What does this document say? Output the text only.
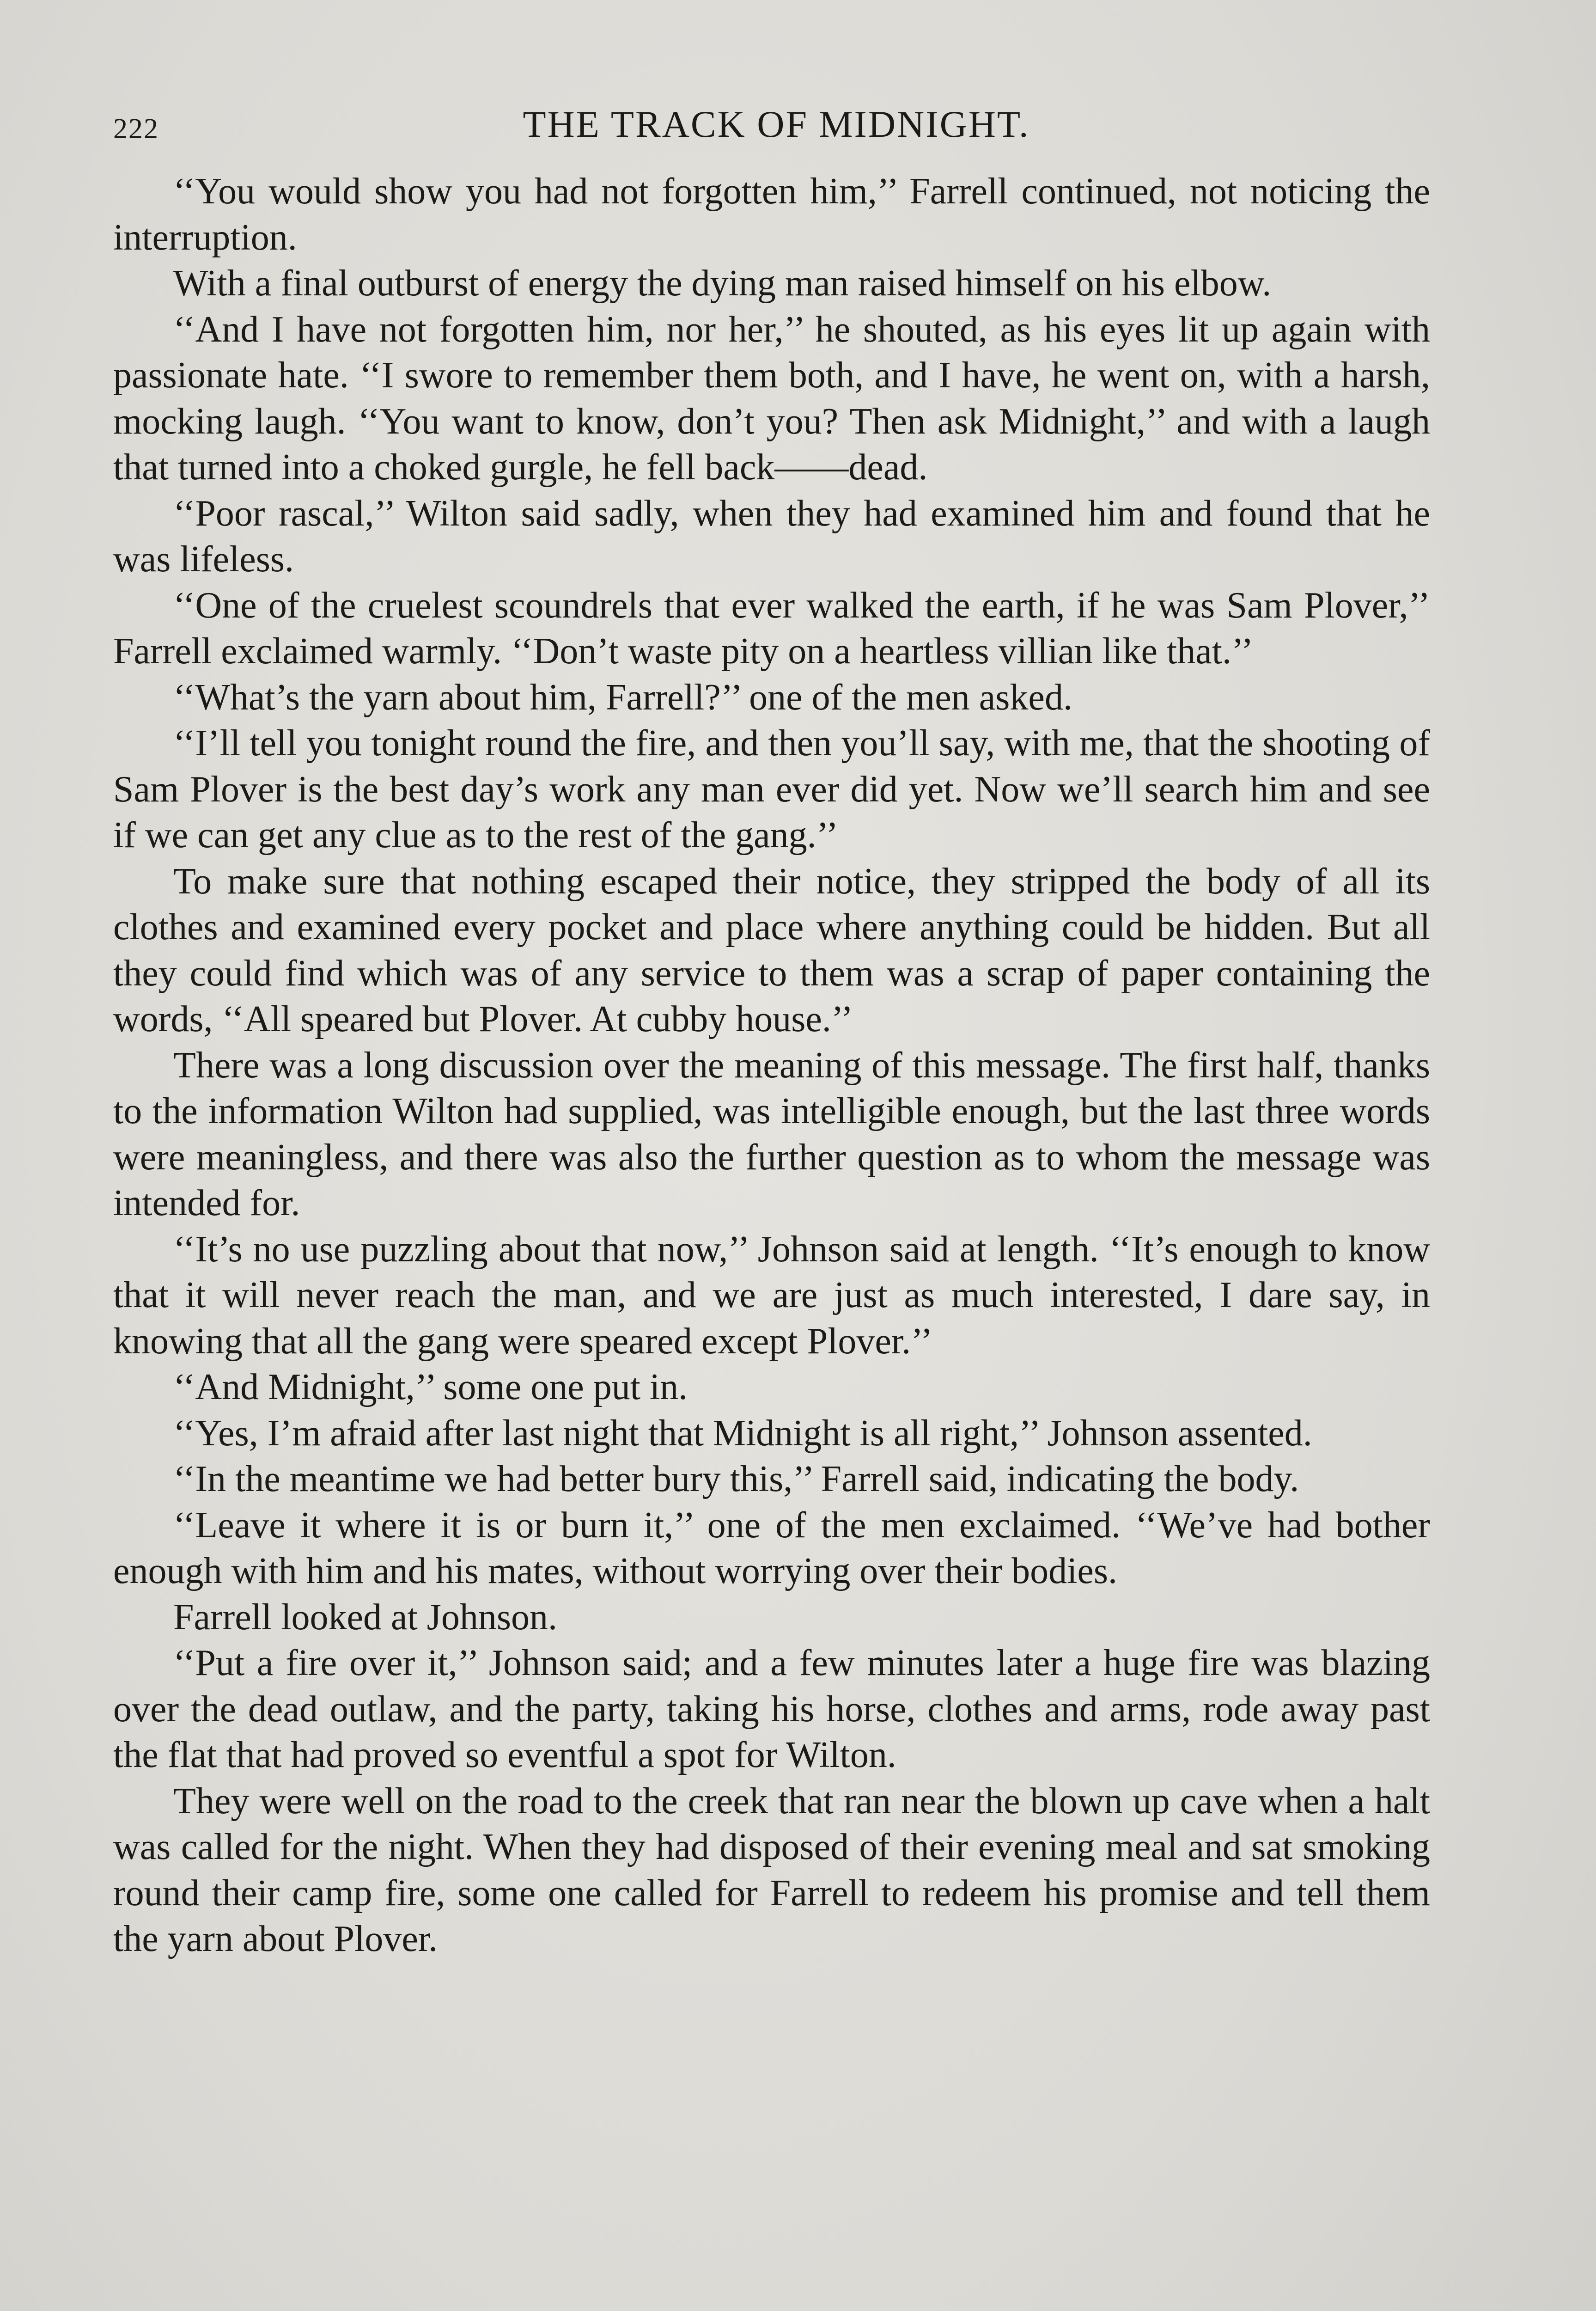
222	THE TRACK OF MIDNIGHT.

‘‘You would show you had not forgotten him,’’ Farrell continued, not noticing the interruption.

With a final outburst of energy the dying man raised himself on his elbow.

‘‘And I have not forgotten him, nor her,’’ he shouted, as his eyes lit up again with passionate hate. ‘‘I swore to remember them both, and I have, he went on, with a harsh, mocking laugh. ‘‘You want to know, don’t you? Then ask Midnight,’’ and with a laugh that turned into a choked gurgle, he fell back——dead.

‘‘Poor rascal,’’ Wilton said sadly, when they had examined him and found that he was lifeless.

‘‘One of the cruelest scoundrels that ever walked the earth, if he was Sam Plover,’’ Farrell exclaimed warmly. ‘‘Don’t waste pity on a heartless villian like that.’’

‘‘What’s the yarn about him, Farrell?’’ one of the men asked.

‘‘I’ll tell you tonight round the fire, and then you’ll say, with me, that the shooting of Sam Plover is the best day’s work any man ever did yet. Now we’ll search him and see if we can get any clue as to the rest of the gang.’’

To make sure that nothing escaped their notice, they stripped the body of all its clothes and examined every pocket and place where anything could be hidden. But all they could find which was of any service to them was a scrap of paper containing the words, ‘‘All speared but Plover. At cubby house.’’

There was a long discussion over the meaning of this message. The first half, thanks to the information Wilton had supplied, was intelligible enough, but the last three words were meaningless, and there was also the further question as to whom the message was intended for.

‘‘It’s no use puzzling about that now,’’ Johnson said at length. ‘‘It’s enough to know that it will never reach the man, and we are just as much interested, I dare say, in knowing that all the gang were speared except Plover.’’

‘‘And Midnight,’’ some one put in.

‘‘Yes, I’m afraid after last night that Midnight is all right,’’ Johnson assented.

‘‘In the meantime we had better bury this,’’ Farrell said, indicating the body.

‘‘Leave it where it is or burn it,’’ one of the men exclaimed. ‘‘We’ve had bother enough with him and his mates, without worrying over their bodies.

Farrell looked at Johnson.

‘‘Put a fire over it,’’ Johnson said; and a few minutes later a huge fire was blazing over the dead outlaw, and the party, taking his horse, clothes and arms, rode away past the flat that had proved so eventful a spot for Wilton.

They were well on the road to the creek that ran near the blown up cave when a halt was called for the night. When they had disposed of their evening meal and sat smoking round their camp fire, some one called for Farrell to redeem his promise and tell them the yarn about Plover.
